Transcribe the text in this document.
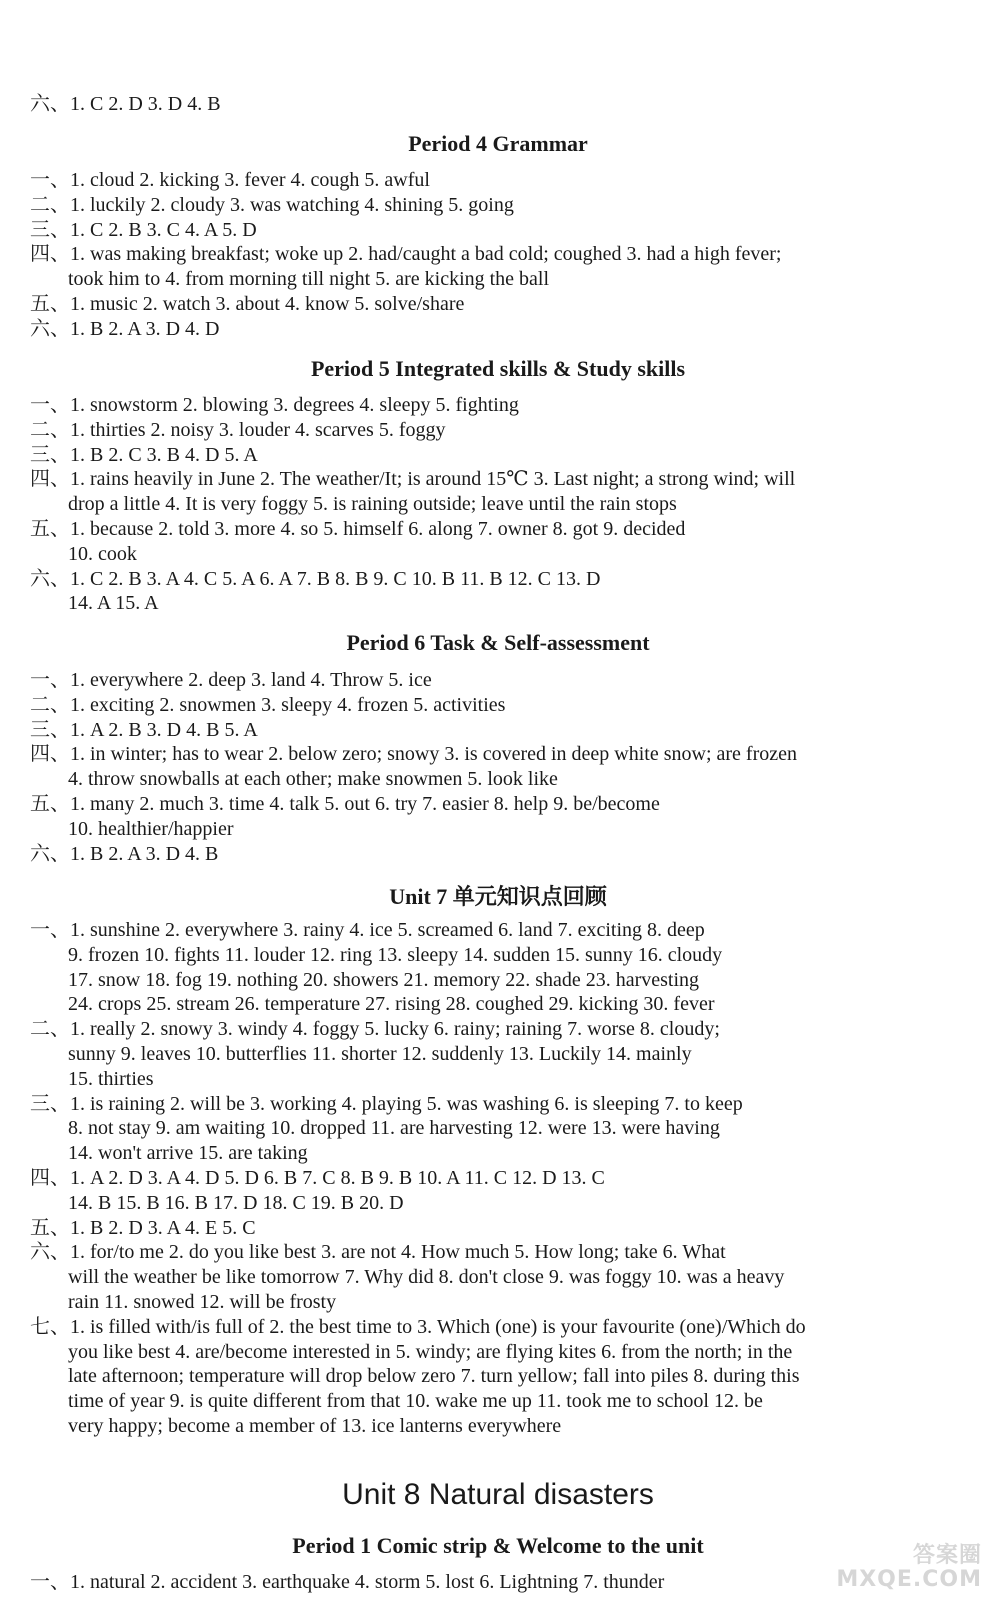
六、1. C 2. D 3. D 4. B
Period 4 Grammar
一、1. cloud 2. kicking 3. fever 4. cough 5. awful
二、1. luckily 2. cloudy 3. was watching 4. shining 5. going
三、1. C 2. B 3. C 4. A 5. D
四、1. was making breakfast; woke up 2. had/caught a bad cold; coughed 3. had a high fever;
took him to 4. from morning till night 5. are kicking the ball
五、1. music 2. watch 3. about 4. know 5. solve/share
六、1. B 2. A 3. D 4. D
Period 5 Integrated skills & Study skills
一、1. snowstorm 2. blowing 3. degrees 4. sleepy 5. fighting
二、1. thirties 2. noisy 3. louder 4. scarves 5. foggy
三、1. B 2. C 3. B 4. D 5. A
四、1. rains heavily in June 2. The weather/It; is around 15℃ 3. Last night; a strong wind; will
drop a little 4. It is very foggy 5. is raining outside; leave until the rain stops
五、1. because 2. told 3. more 4. so 5. himself 6. along 7. owner 8. got 9. decided
10. cook
六、1. C 2. B 3. A 4. C 5. A 6. A 7. B 8. B 9. C 10. B 11. B 12. C 13. D
14. A 15. A
Period 6 Task & Self-assessment
一、1. everywhere 2. deep 3. land 4. Throw 5. ice
二、1. exciting 2. snowmen 3. sleepy 4. frozen 5. activities
三、1. A 2. B 3. D 4. B 5. A
四、1. in winter; has to wear 2. below zero; snowy 3. is covered in deep white snow; are frozen
4. throw snowballs at each other; make snowmen 5. look like
五、1. many 2. much 3. time 4. talk 5. out 6. try 7. easier 8. help 9. be/become
10. healthier/happier
六、1. B 2. A 3. D 4. B
Unit 7 单元知识点回顾
一、1. sunshine 2. everywhere 3. rainy 4. ice 5. screamed 6. land 7. exciting 8. deep
9. frozen 10. fights 11. louder 12. ring 13. sleepy 14. sudden 15. sunny 16. cloudy
17. snow 18. fog 19. nothing 20. showers 21. memory 22. shade 23. harvesting
24. crops 25. stream 26. temperature 27. rising 28. coughed 29. kicking 30. fever
二、1. really 2. snowy 3. windy 4. foggy 5. lucky 6. rainy; raining 7. worse 8. cloudy;
sunny 9. leaves 10. butterflies 11. shorter 12. suddenly 13. Luckily 14. mainly
15. thirties
三、1. is raining 2. will be 3. working 4. playing 5. was washing 6. is sleeping 7. to keep
8. not stay 9. am waiting 10. dropped 11. are harvesting 12. were 13. were having
14. won't arrive 15. are taking
四、1. A 2. D 3. A 4. D 5. D 6. B 7. C 8. B 9. B 10. A 11. C 12. D 13. C
14. B 15. B 16. B 17. D 18. C 19. B 20. D
五、1. B 2. D 3. A 4. E 5. C
六、1. for/to me 2. do you like best 3. are not 4. How much 5. How long; take 6. What
will the weather be like tomorrow 7. Why did 8. don't close 9. was foggy 10. was a heavy
rain 11. snowed 12. will be frosty
七、1. is filled with/is full of 2. the best time to 3. Which (one) is your favourite (one)/Which do
you like best 4. are/become interested in 5. windy; are flying kites 6. from the north; in the
late afternoon; temperature will drop below zero 7. turn yellow; fall into piles 8. during this
time of year 9. is quite different from that 10. wake me up 11. took me to school 12. be
very happy; become a member of 13. ice lanterns everywhere
Unit 8 Natural disasters
Period 1 Comic strip & Welcome to the unit
一、1. natural 2. accident 3. earthquake 4. storm 5. lost 6. Lightning 7. thunder
答案圈
MXQE.COM
